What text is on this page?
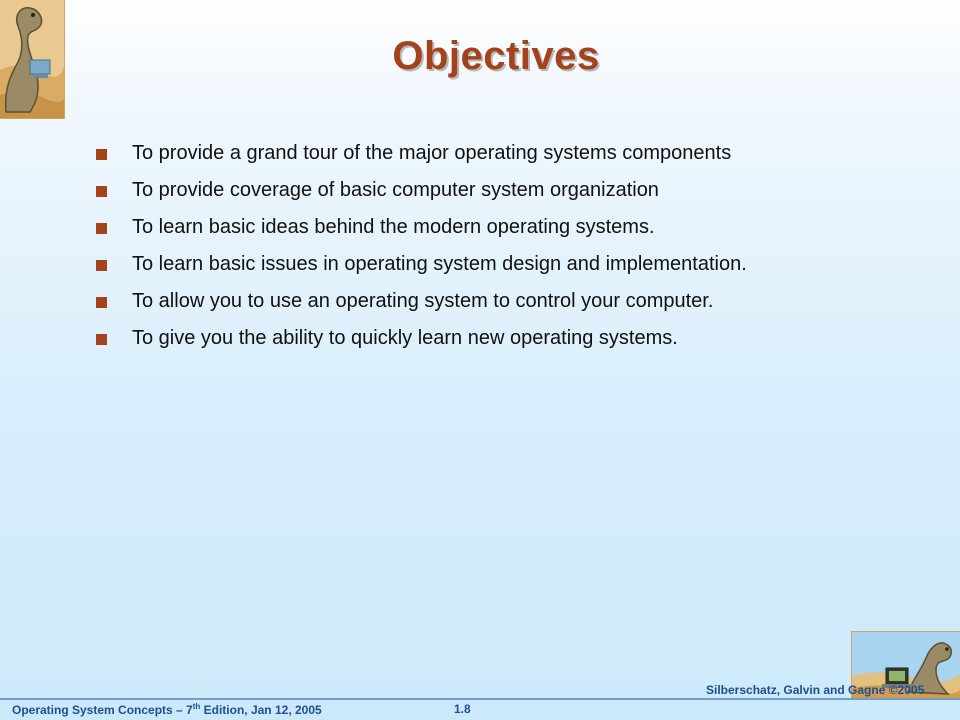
Objectives
To provide a grand tour of the major operating systems components
To provide coverage of basic computer system organization
To learn basic ideas behind the modern operating systems.
To learn basic issues in operating system design and implementation.
To allow you to use an operating system to control your computer.
To give you the ability to quickly learn new operating systems.
Operating System Concepts – 7th Edition, Jan 12, 2005	1.8
Silberschatz, Galvin and Gagne ©2005
